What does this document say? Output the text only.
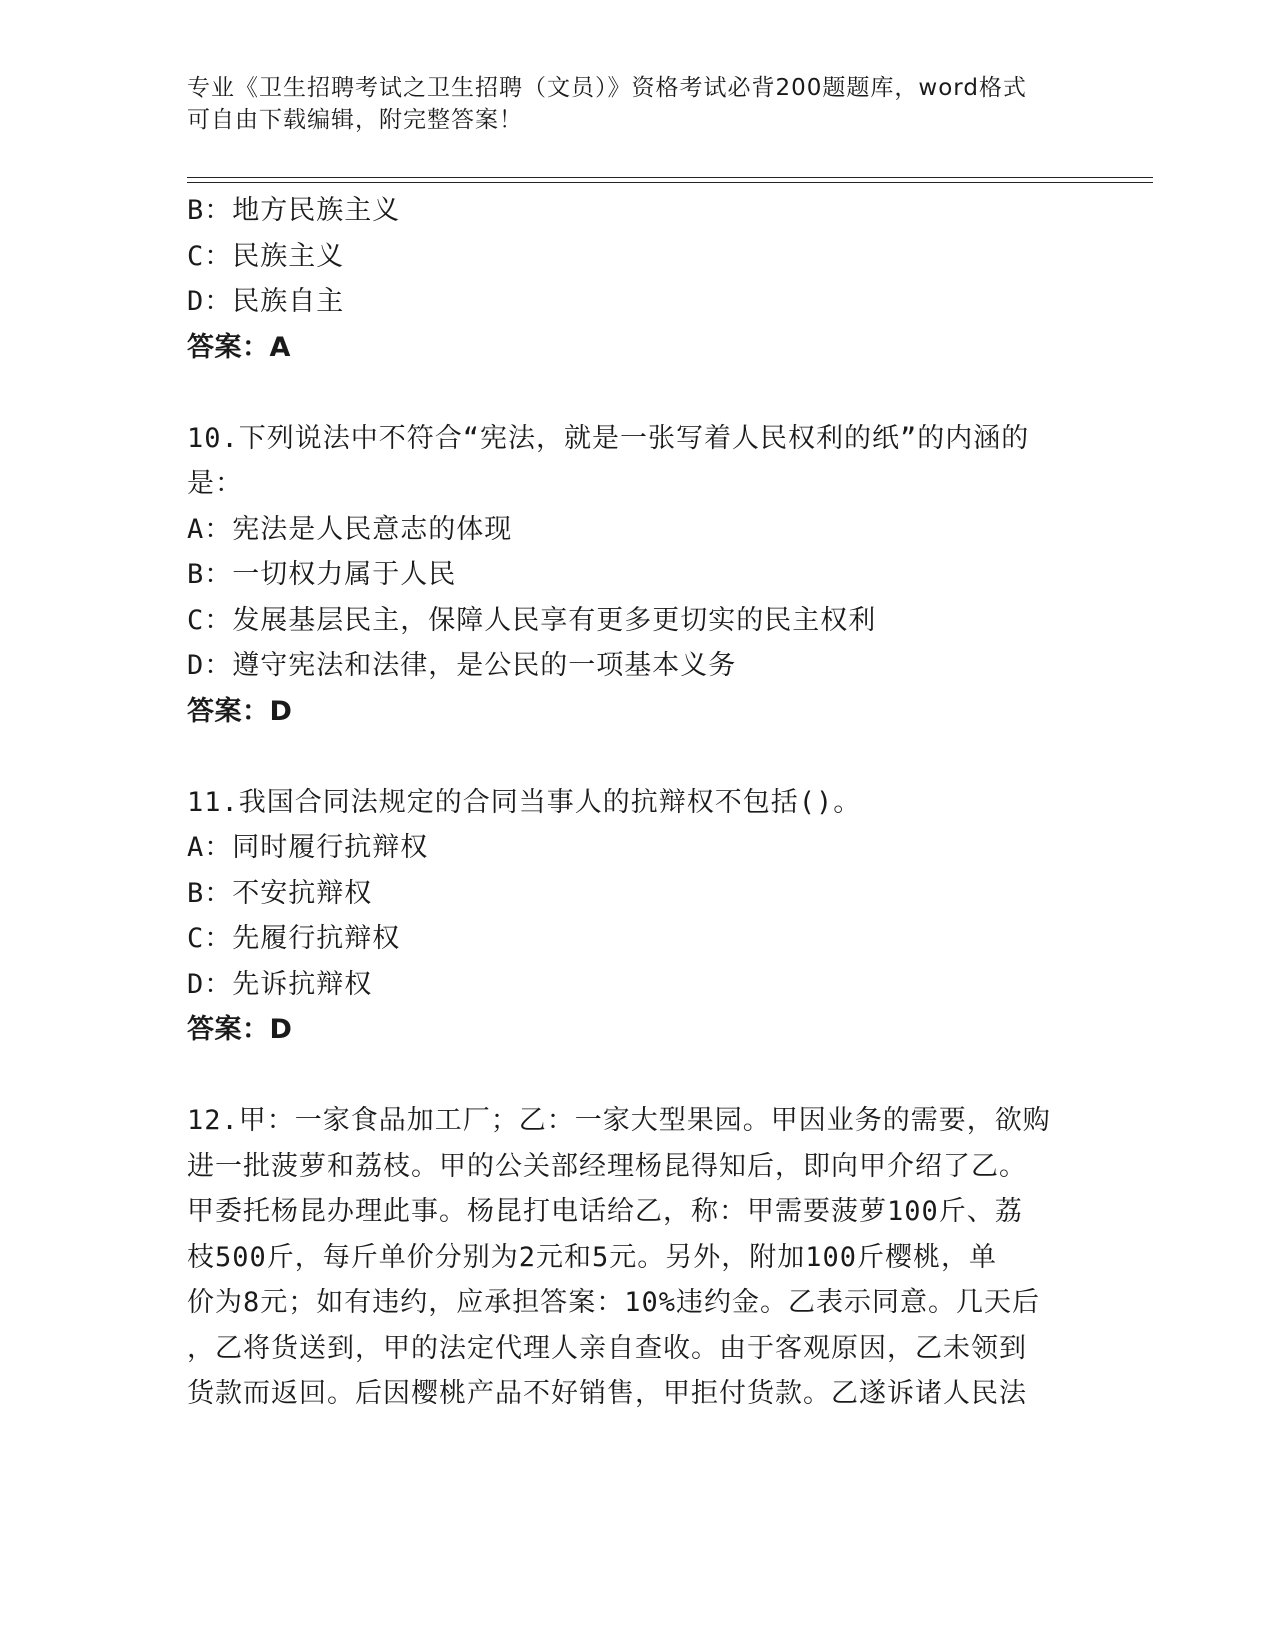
专业《卫生招聘考试之卫生招聘（文员）》资格考试必背200题题库，word格式
可自由下载编辑，附完整答案！
B：地方民族主义
C：民族主义
D：民族自主
答案：A
10.下列说法中不符合“宪法，就是一张写着人民权利的纸”的内涵的
是：
A：宪法是人民意志的体现
B：一切权力属于人民
C：发展基层民主，保障人民享有更多更切实的民主权利
D：遵守宪法和法律，是公民的一项基本义务
答案：D
11.我国合同法规定的合同当事人的抗辩权不包括()。
A：同时履行抗辩权
B：不安抗辩权
C：先履行抗辩权
D：先诉抗辩权
答案：D
12.甲：一家食品加工厂；乙：一家大型果园。甲因业务的需要，欲购
进一批菠萝和荔枝。甲的公关部经理杨昆得知后，即向甲介绍了乙。
甲委托杨昆办理此事。杨昆打电话给乙，称：甲需要菠萝100斤、荔
枝500斤，每斤单价分别为2元和5元。另外，附加100斤樱桃，单
价为8元；如有违约，应承担答案：10%违约金。乙表示同意。几天后
，乙将货送到，甲的法定代理人亲自查收。由于客观原因，乙未领到
货款而返回。后因樱桃产品不好销售，甲拒付货款。乙遂诉诸人民法
